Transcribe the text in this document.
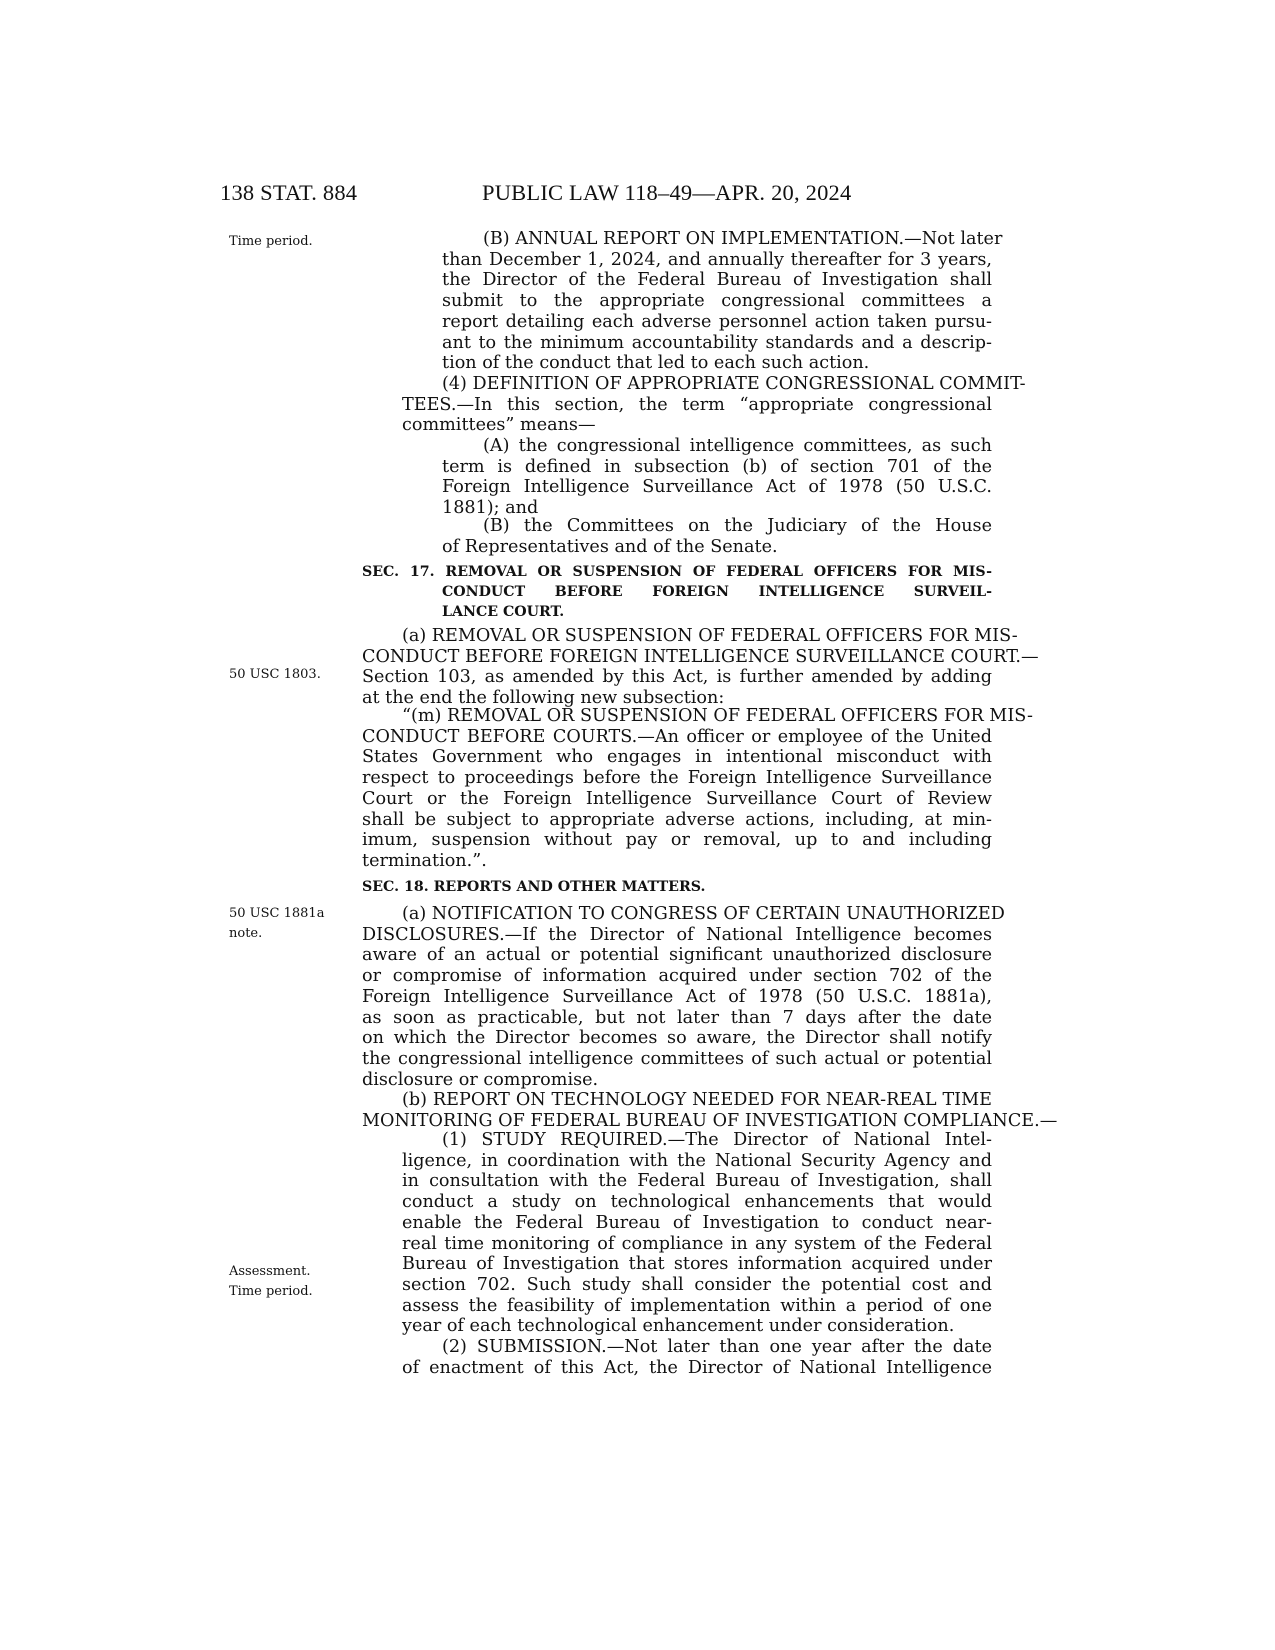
138 STAT. 884	PUBLIC LAW 118–49—APR. 20, 2024
Time period.
50 USC 1803.
50 USC 1881a
note.
Assessment.
Time period.
(B) ANNUAL REPORT ON IMPLEMENTATION.—Not later
than December 1, 2024, and annually thereafter for 3 years,
the Director of the Federal Bureau of Investigation shall
submit to the appropriate congressional committees a
report detailing each adverse personnel action taken pursu-
ant to the minimum accountability standards and a descrip-
tion of the conduct that led to each such action.
(4) DEFINITION OF APPROPRIATE CONGRESSIONAL COMMIT-
TEES.—In this section, the term “appropriate congressional
committees” means—
(A) the congressional intelligence committees, as such
term is defined in subsection (b) of section 701 of the
Foreign Intelligence Surveillance Act of 1978 (50 U.S.C.
1881); and
(B) the Committees on the Judiciary of the House
of Representatives and of the Senate.
SEC. 17. REMOVAL OR SUSPENSION OF FEDERAL OFFICERS FOR MIS-
CONDUCT BEFORE FOREIGN INTELLIGENCE SURVEIL-
LANCE COURT.
(a) REMOVAL OR SUSPENSION OF FEDERAL OFFICERS FOR MIS-
CONDUCT BEFORE FOREIGN INTELLIGENCE SURVEILLANCE COURT.—
Section 103, as amended by this Act, is further amended by adding
at the end the following new subsection:
“(m) REMOVAL OR SUSPENSION OF FEDERAL OFFICERS FOR MIS-
CONDUCT BEFORE COURTS.—An officer or employee of the United
States Government who engages in intentional misconduct with
respect to proceedings before the Foreign Intelligence Surveillance
Court or the Foreign Intelligence Surveillance Court of Review
shall be subject to appropriate adverse actions, including, at min-
imum, suspension without pay or removal, up to and including
termination.”.
SEC. 18. REPORTS AND OTHER MATTERS.
(a) NOTIFICATION TO CONGRESS OF CERTAIN UNAUTHORIZED
DISCLOSURES.—If the Director of National Intelligence becomes
aware of an actual or potential significant unauthorized disclosure
or compromise of information acquired under section 702 of the
Foreign Intelligence Surveillance Act of 1978 (50 U.S.C. 1881a),
as soon as practicable, but not later than 7 days after the date
on which the Director becomes so aware, the Director shall notify
the congressional intelligence committees of such actual or potential
disclosure or compromise.
(b) REPORT ON TECHNOLOGY NEEDED FOR NEAR-REAL TIME
MONITORING OF FEDERAL BUREAU OF INVESTIGATION COMPLIANCE.—
(1) STUDY REQUIRED.—The Director of National Intel-
ligence, in coordination with the National Security Agency and
in consultation with the Federal Bureau of Investigation, shall
conduct a study on technological enhancements that would
enable the Federal Bureau of Investigation to conduct near-
real time monitoring of compliance in any system of the Federal
Bureau of Investigation that stores information acquired under
section 702. Such study shall consider the potential cost and
assess the feasibility of implementation within a period of one
year of each technological enhancement under consideration.
(2) SUBMISSION.—Not later than one year after the date
of enactment of this Act, the Director of National Intelligence
